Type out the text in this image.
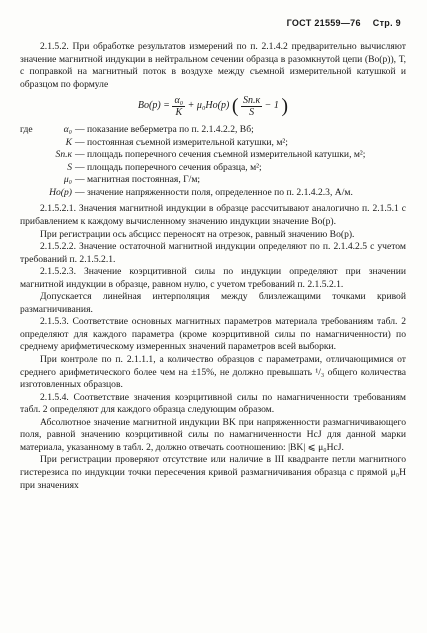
ГОСТ 21559—76 Стр. 9

2.1.5.2. При обработке результатов измерений по п. 2.1.4.2 предварительно вычисляют значение магнитной индукции в нейтральном сечении образца в разомкнутой цепи (Bо(р)), Т, с поправкой на магнитный поток в воздухе между съемной измерительной катушкой и образцом по формуле

$Bо(р) = \frac{\text{α₀}}{K} + \mu_0Hо(р)$ ( $\frac{Sп.к}{S} - 1$ )
где	α₀ — показание веберметра по п. 2.1.4.2.2, Вб;
K — постоянная съемной измерительной катушки, м²;
Sп.к — площадь поперечного сечения съемной измерительной катушки, м²;
S — площадь поперечного сечения образца, м²;
μ₀ — магнитная постоянная, Г/м;
Hо(р) — значение напряженности поля, определенное по п. 2.1.4.2.3, А/м.

2.1.5.2.1. Значения магнитной индукции в образце рассчитывают аналогично п. 2.1.5.1 с прибавлением к каждому вычисленному значению индукции значение Bо(р).

При регистрации ось абсцисс переносят на отрезок, равный значению Bо(р).

2.1.5.2.2. Значение остаточной магнитной индукции определяют по п. 2.1.4.2.5 с учетом требований п. 2.1.5.2.1.

2.1.5.2.3. Значение коэрцитивной силы по индукции определяют при значении магнитной индукции в образце, равном нулю, с учетом требований п. 2.1.5.2.1.

Допускается линейная интерполяция между близлежащими точками кривой размагничивания.

2.1.5.3. Соответствие основных магнитных параметров материала требованиям табл. 2 определяют для каждого параметра (кроме коэрцитивной силы по намагниченности) по среднему арифметическому измеренных значений параметров всей выборки.

При контроле по п. 2.1.1.1, а количество образцов с параметрами, отличающимися от среднего арифметического более чем на ±15%, не должно превышать ¹/₃ общего количества изготовленных образцов.

2.1.5.4. Соответствие значения коэрцитивной силы по намагниченности требованиям табл. 2 определяют для каждого образца следующим образом.

Абсолютное значение магнитной индукции BK при напряженности размагничивающего поля, равной значению коэрцитивной силы по намагниченности HcJ для данной марки материала, указанному в табл. 2, должно отвечать соотношению: |BK| ⩽ μ₀HcJ.

При регистрации проверяют отсутствие или наличие в III квадранте петли магнитного гистерезиса по индукции точки пересечения кривой размагничивания образца с прямой μ₀H при значениях
